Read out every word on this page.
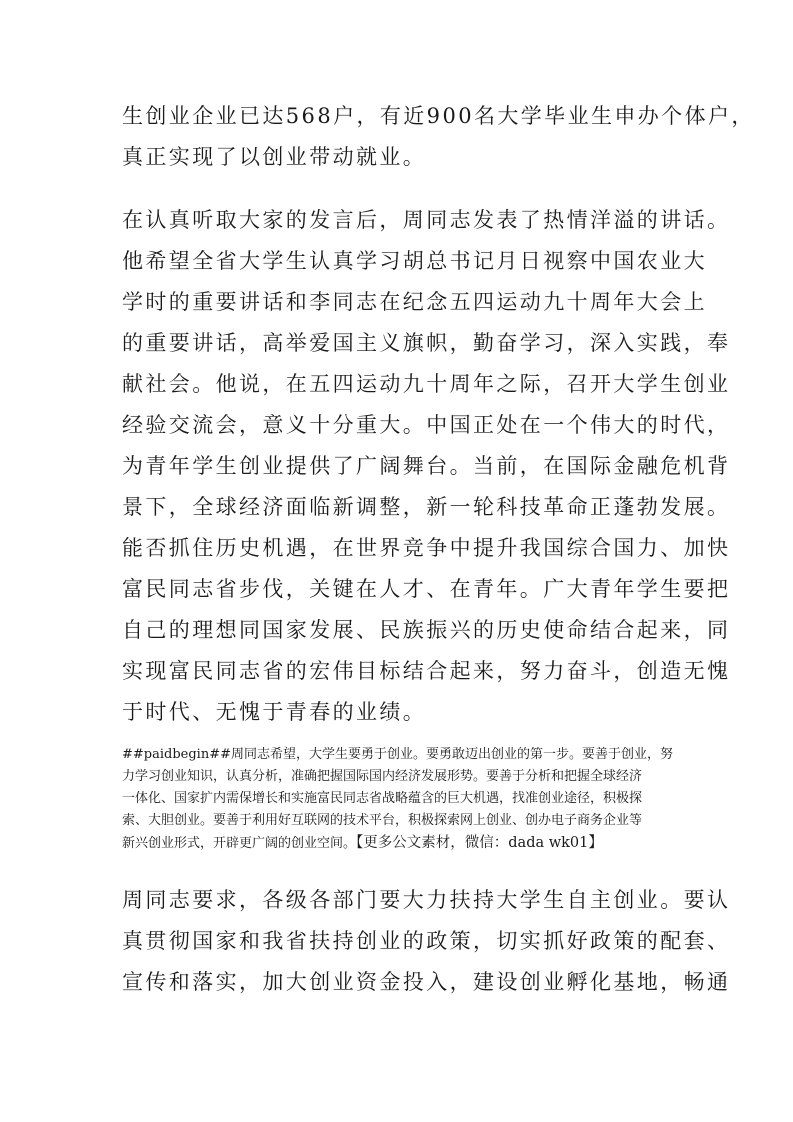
生创业企业已达568户，有近900名大学毕业生申办个体户，
真正实现了以创业带动就业。
在认真听取大家的发言后，周同志发表了热情洋溢的讲话。
他希望全省大学生认真学习胡总书记月日视察中国农业大
学时的重要讲话和李同志在纪念五四运动九十周年大会上
的重要讲话，高举爱国主义旗帜，勤奋学习，深入实践，奉
献社会。他说，在五四运动九十周年之际，召开大学生创业
经验交流会，意义十分重大。中国正处在一个伟大的时代，
为青年学生创业提供了广阔舞台。当前，在国际金融危机背
景下，全球经济面临新调整，新一轮科技革命正蓬勃发展。
能否抓住历史机遇，在世界竞争中提升我国综合国力、加快
富民同志省步伐，关键在人才、在青年。广大青年学生要把
自己的理想同国家发展、民族振兴的历史使命结合起来，同
实现富民同志省的宏伟目标结合起来，努力奋斗，创造无愧
于时代、无愧于青春的业绩。
##paidbegin##周同志希望，大学生要勇于创业。要勇敢迈出创业的第一步。要善于创业，努
力学习创业知识，认真分析，准确把握国际国内经济发展形势。要善于分析和把握全球经济
一体化、国家扩内需保增长和实施富民同志省战略蕴含的巨大机遇，找准创业途径，积极探
索、大胆创业。要善于利用好互联网的技术平台，积极探索网上创业、创办电子商务企业等
新兴创业形式，开辟更广阔的创业空间。【更多公文素材，微信：dada wk01】
周同志要求，各级各部门要大力扶持大学生自主创业。要认
真贯彻国家和我省扶持创业的政策，切实抓好政策的配套、
宣传和落实，加大创业资金投入，建设创业孵化基地，畅通
